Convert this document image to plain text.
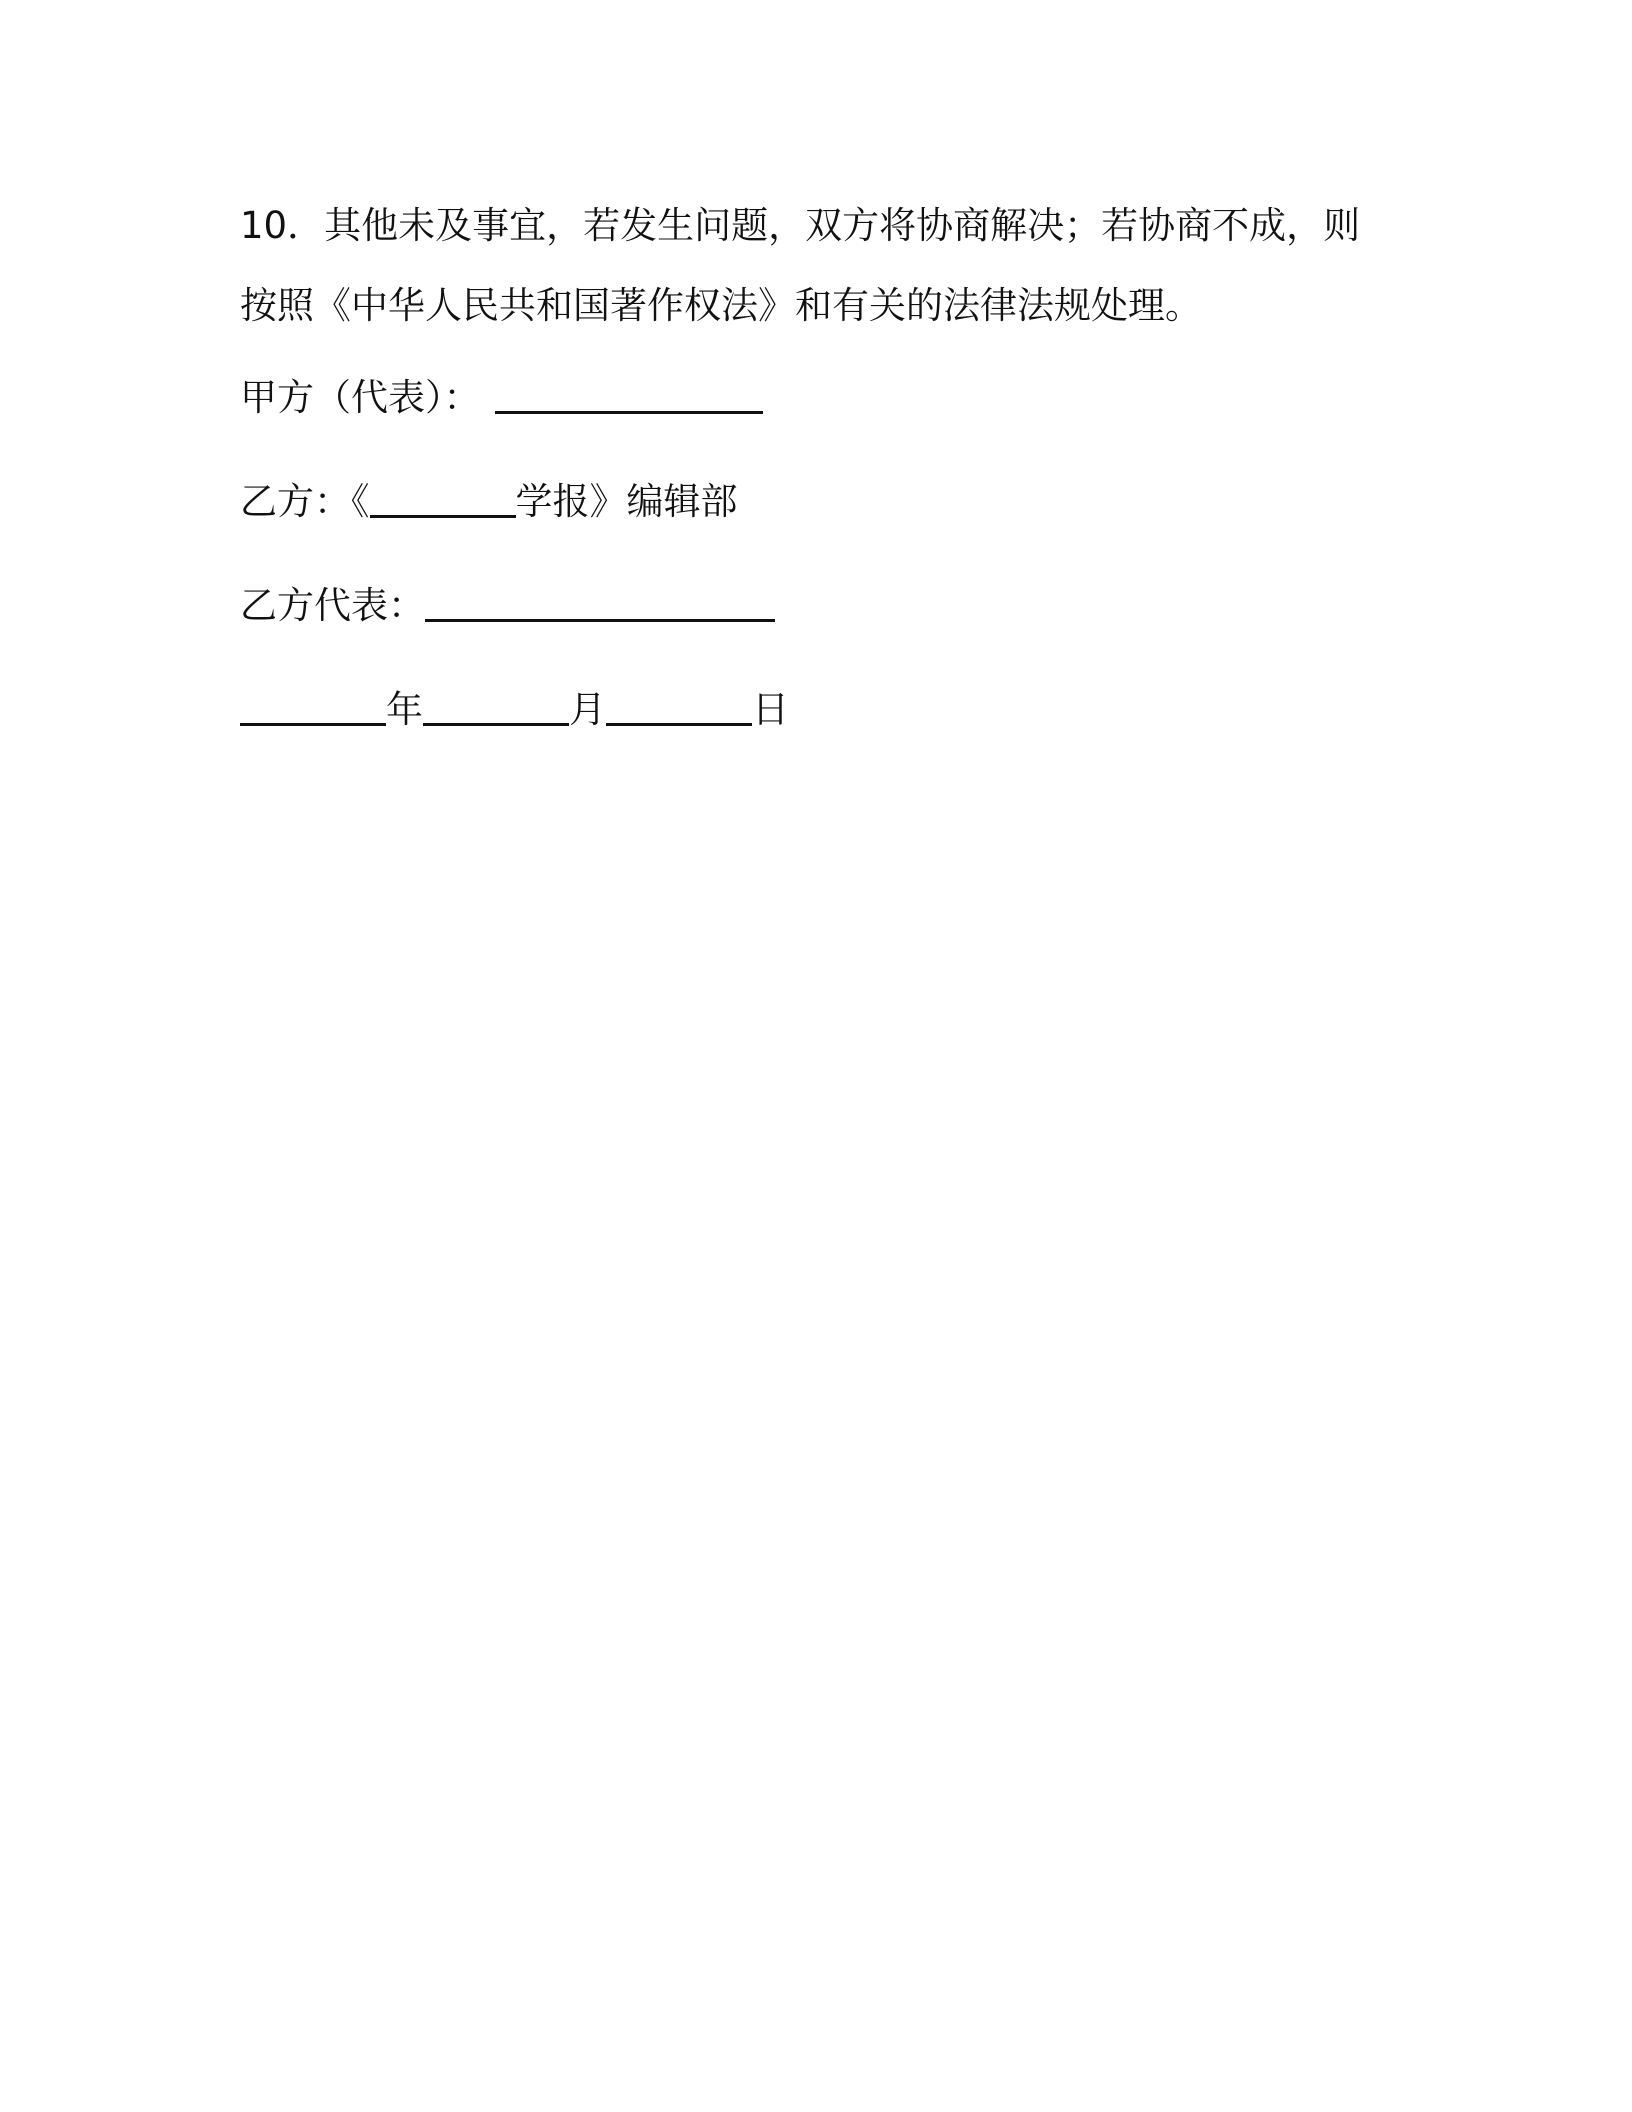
10．其他未及事宜，若发生问题，双方将协商解决；若协商不成，则
按照《中华人民共和国著作权法》和有关的法律法规处理。

甲方（代表）：

乙方：《	学报》编辑部

乙方代表：

年	月	日
